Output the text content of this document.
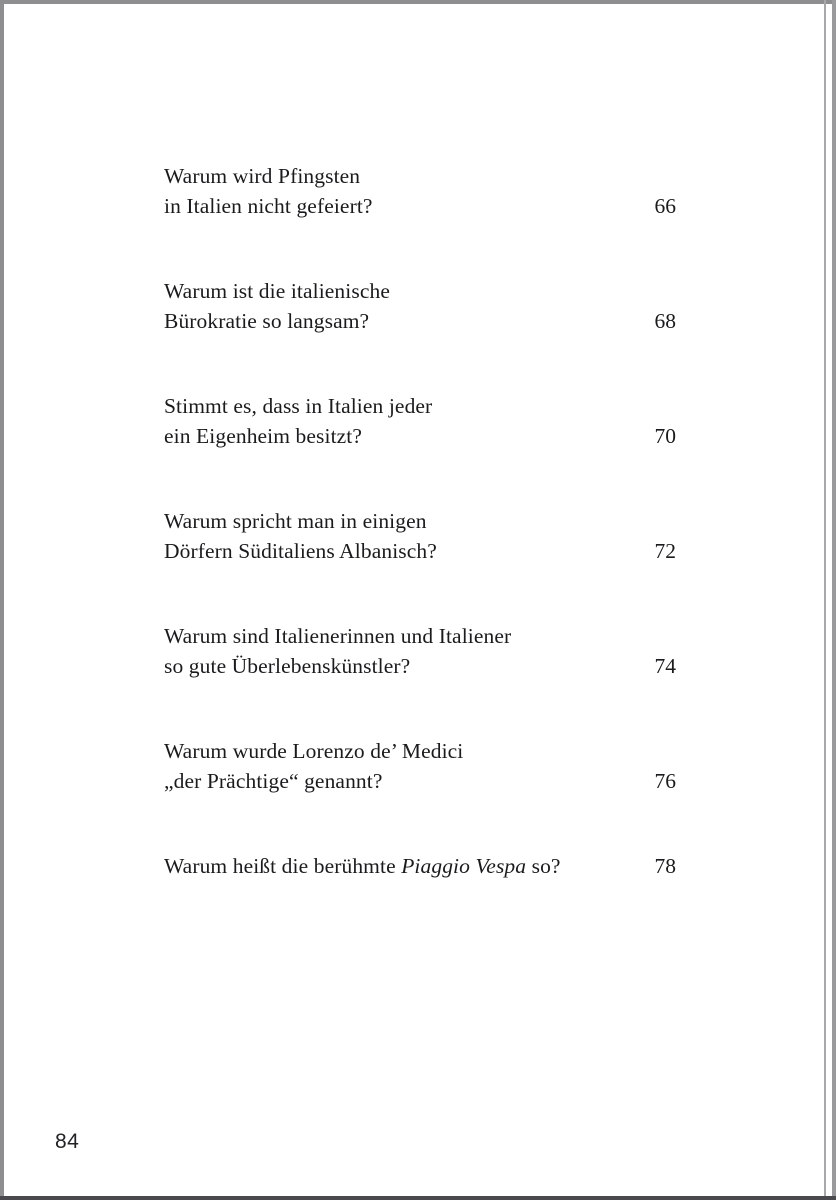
Warum wird Pfingsten
in Italien nicht gefeiert?	66
Warum ist die italienische
Bürokratie so langsam?	68
Stimmt es, dass in Italien jeder
ein Eigenheim besitzt?	70
Warum spricht man in einigen
Dörfern Süditaliens Albanisch?	72
Warum sind Italienerinnen und Italiener
so gute Überlebenskünstler?	74
Warum wurde Lorenzo de’ Medici
„der Prächtige“ genannt?	76
Warum heißt die berühmte Piaggio Vespa so?	78
84
